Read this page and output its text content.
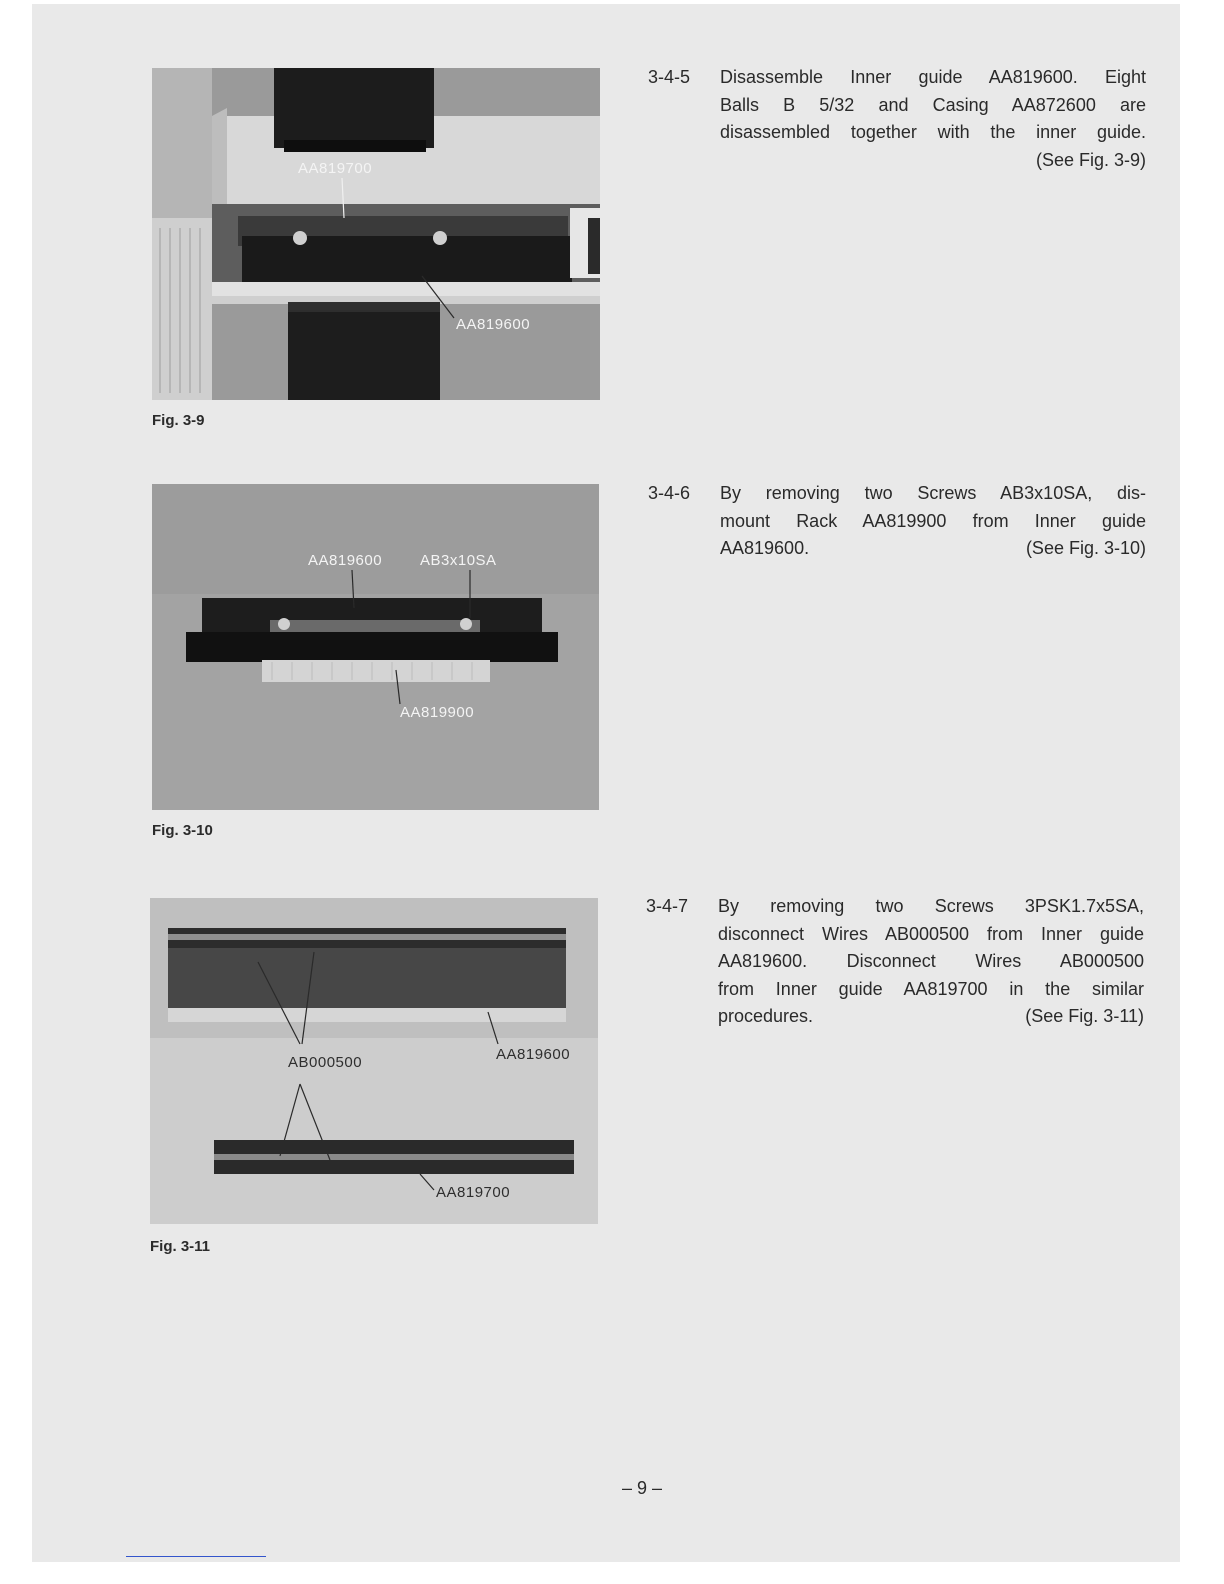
AA819700
AA819600
Fig. 3-9
AA819600	AB3x10SA
AA819900
Fig. 3-10
AB000500	AA819600
AA819700
Fig. 3-11
3-4-5 Disassemble Inner guide AA819600. Eight
Balls B 5/32 and Casing AA872600 are
disassembled together with the inner guide.
(See Fig. 3-9)
3-4-6 By removing two Screws AB3x10SA, dis-
mount Rack AA819900 from Inner guide
AA819600.	(See Fig. 3-10)
3-4-7 By removing two Screws 3PSK1.7x5SA,
disconnect Wires AB000500 from Inner guide
AA819600. Disconnect Wires AB000500
from Inner guide AA819700 in the similar
procedures.	(See Fig. 3-11)
– 9 –
